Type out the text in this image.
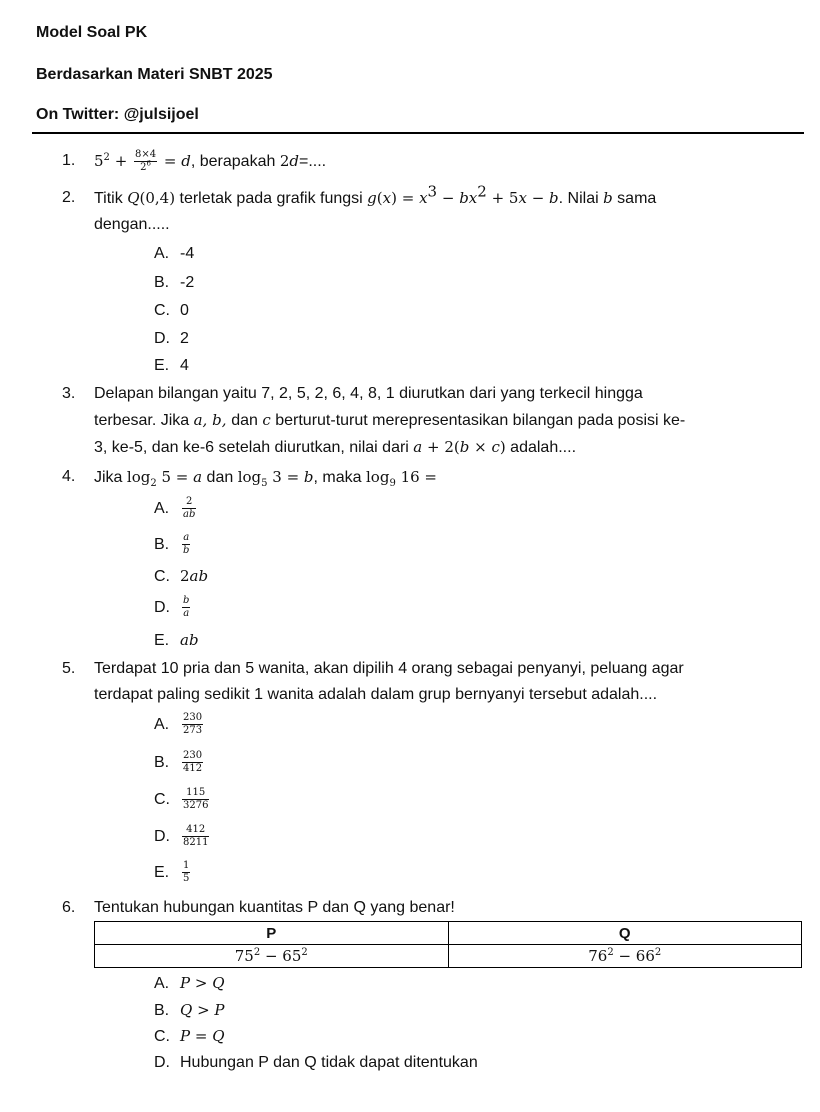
Model Soal PK
Berdasarkan Materi SNBT 2025
On Twitter: @julsijoel
1.	$5^2 + \frac{8\times 4}{2^6} = d$, berapakah 2d=....
2.	Titik Q(0,4) terletak pada grafik fungsi $g(x) = x^3 - bx^2 + 5x - b$. Nilai b sama
dengan.....
A. -4
B. -2
C. 0
D. 2
E. 4
3.	Delapan bilangan yaitu 7, 2, 5, 2, 6, 4, 8, 1 diurutkan dari yang terkecil hingga
terbesar. Jika a, b, dan c berturut-turut merepresentasikan bilangan pada posisi ke-
3, ke-5, dan ke-6 setelah diurutkan, nilai dari a + 2(b × c) adalah....
4.	Jika $\log_2 5 = a$ dan $\log_5 3 = b$, maka $\log_9 16$ =
A. $\frac{2}{ab}$
B. $\frac{a}{b}$
C. 2ab
D. $\frac{b}{a}$
E. ab
5.	Terdapat 10 pria dan 5 wanita, akan dipilih 4 orang sebagai penyanyi, peluang agar
terdapat paling sedikit 1 wanita adalah dalam grup bernyanyi tersebut adalah....
A. $\frac{230}{273}$
B. $\frac{230}{412}$
C. $\frac{115}{3276}$
D. $\frac{412}{8211}$
E. $\frac{1}{5}$
6.	Tentukan hubungan kuantitas P dan Q yang benar!
P	Q
$75^2 - 65^2$	$76^2 - 66^2$
A. P > Q
B. Q > P
C. P = Q
D. Hubungan P dan Q tidak dapat ditentukan
